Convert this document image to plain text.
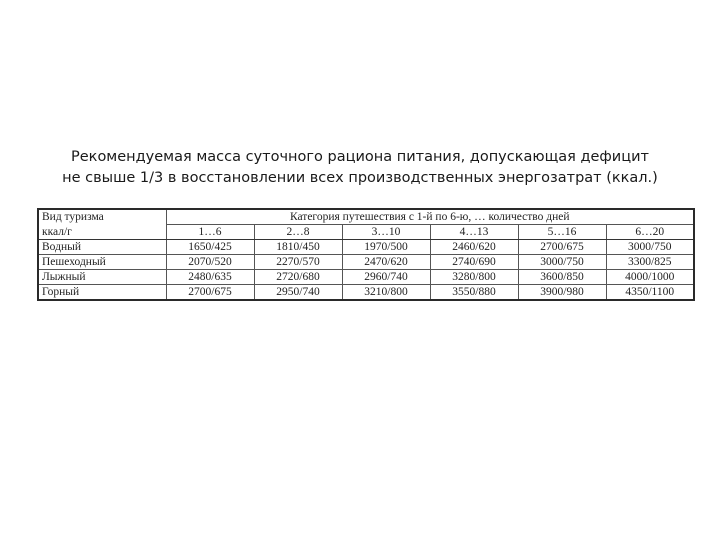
Рекомендуемая масса суточного рациона питания, допускающая дефицит
не свыше 1/3 в восстановлении всех производственных энергозатрат (ккал.)
Вид туризма	Категория путешествия с 1-й по 6-ю, … количество дней					
ккал/г	1…6	2…8	3…10	4…13	5…16	6…20
Водный	1650/425	1810/450	1970/500	2460/620	2700/675	3000/750
Пешеходный	2070/520	2270/570	2470/620	2740/690	3000/750	3300/825
Лыжный	2480/635	2720/680	2960/740	3280/800	3600/850	4000/1000
Горный	2700/675	2950/740	3210/800	3550/880	3900/980	4350/1100
